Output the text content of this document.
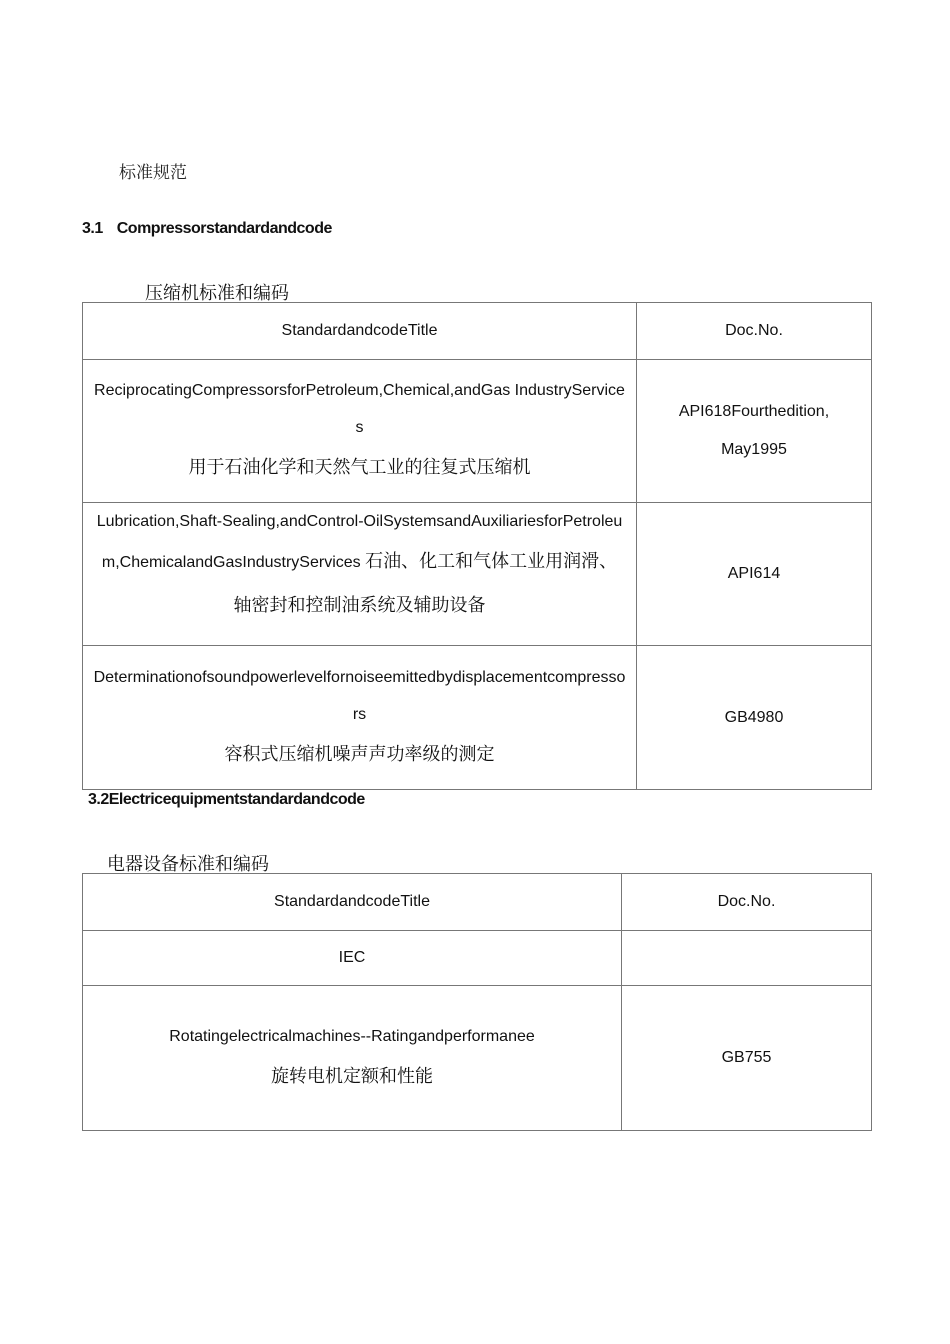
标准规范
3.1 Compressorstandardandcode
压缩机标准和编码
StandardandcodeTitle	Doc.No.

ReciprocatingCompressorsforPetroleum,Chemical,andGas IndustryServices
用于石油化学和天然气工业的往复式压缩机	API618Fourthedition, May1995

Lubrication,Shaft-Sealing,andControl-OilSystemsandAuxiliariesforPetroleum,ChemicalandGasIndustryServices 石油、化工和气体工业用润滑、轴密封和控制油系统及辅助设备	API614

Determinationofsoundpowerlevelfornoiseemittedbydisplacementcompressors
容积式压缩机噪声声功率级的测定	GB4980
3.2Electricequipmentstandardandcode
电器设备标准和编码
StandardandcodeTitle	Doc.No.
IEC	

Rotatingelectricalmachines--Ratingandperformanee
旋转电机定额和性能	GB755
